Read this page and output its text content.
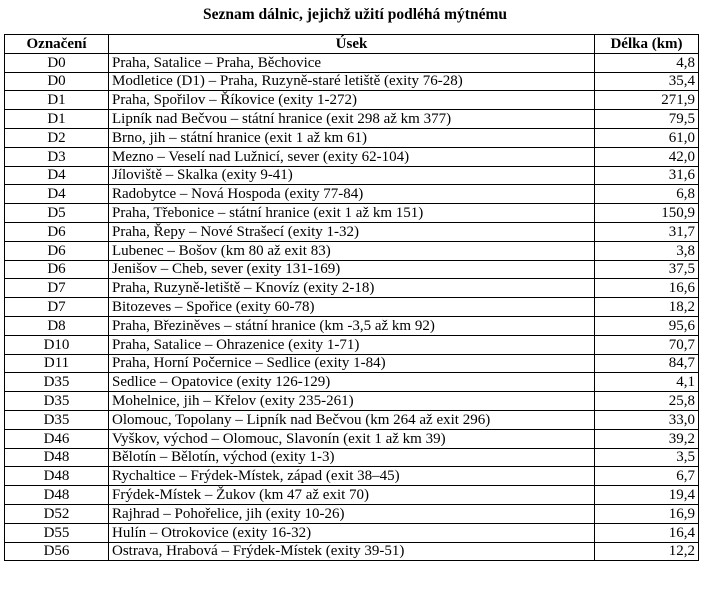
Seznam dálnic, jejichž užití podléhá mýtnému
Označení	Úsek	Délka (km)
D0	Praha, Satalice – Praha, Běchovice	4,8
D0	Modletice (D1) – Praha, Ruzyně-staré letiště (exity 76-28)	35,4
D1	Praha, Spořilov – Říkovice (exity 1-272)	271,9
D1	Lipník nad Bečvou – státní hranice (exit 298 až km 377)	79,5
D2	Brno, jih – státní hranice (exit 1 až km 61)	61,0
D3	Mezno – Veselí nad Lužnicí, sever (exity 62-104)	42,0
D4	Jíloviště – Skalka (exity 9-41)	31,6
D4	Radobytce – Nová Hospoda (exity 77-84)	6,8
D5	Praha, Třebonice – státní hranice (exit 1 až km 151)	150,9
D6	Praha, Řepy – Nové Strašecí (exity 1-32)	31,7
D6	Lubenec – Bošov (km 80 až exit 83)	3,8
D6	Jenišov – Cheb, sever (exity 131-169)	37,5
D7	Praha, Ruzyně-letiště – Knovíz (exity 2-18)	16,6
D7	Bitozeves – Spořice (exity 60-78)	18,2
D8	Praha, Březiněves – státní hranice (km -3,5 až km 92)	95,6
D10	Praha, Satalice – Ohrazenice (exity 1-71)	70,7
D11	Praha, Horní Počernice – Sedlice (exity 1-84)	84,7
D35	Sedlice – Opatovice (exity 126-129)	4,1
D35	Mohelnice, jih – Křelov (exity 235-261)	25,8
D35	Olomouc, Topolany – Lipník nad Bečvou (km 264 až exit 296)	33,0
D46	Vyškov, východ – Olomouc, Slavonín (exit 1 až km 39)	39,2
D48	Bělotín – Bělotín, východ (exity 1-3)	3,5
D48	Rychaltice – Frýdek-Místek, západ (exit 38–45)	6,7
D48	Frýdek-Místek – Žukov (km 47 až exit 70)	19,4
D52	Rajhrad – Pohořelice, jih (exity 10-26)	16,9
D55	Hulín – Otrokovice (exity 16-32)	16,4
D56	Ostrava, Hrabová – Frýdek-Místek (exity 39-51)	12,2
